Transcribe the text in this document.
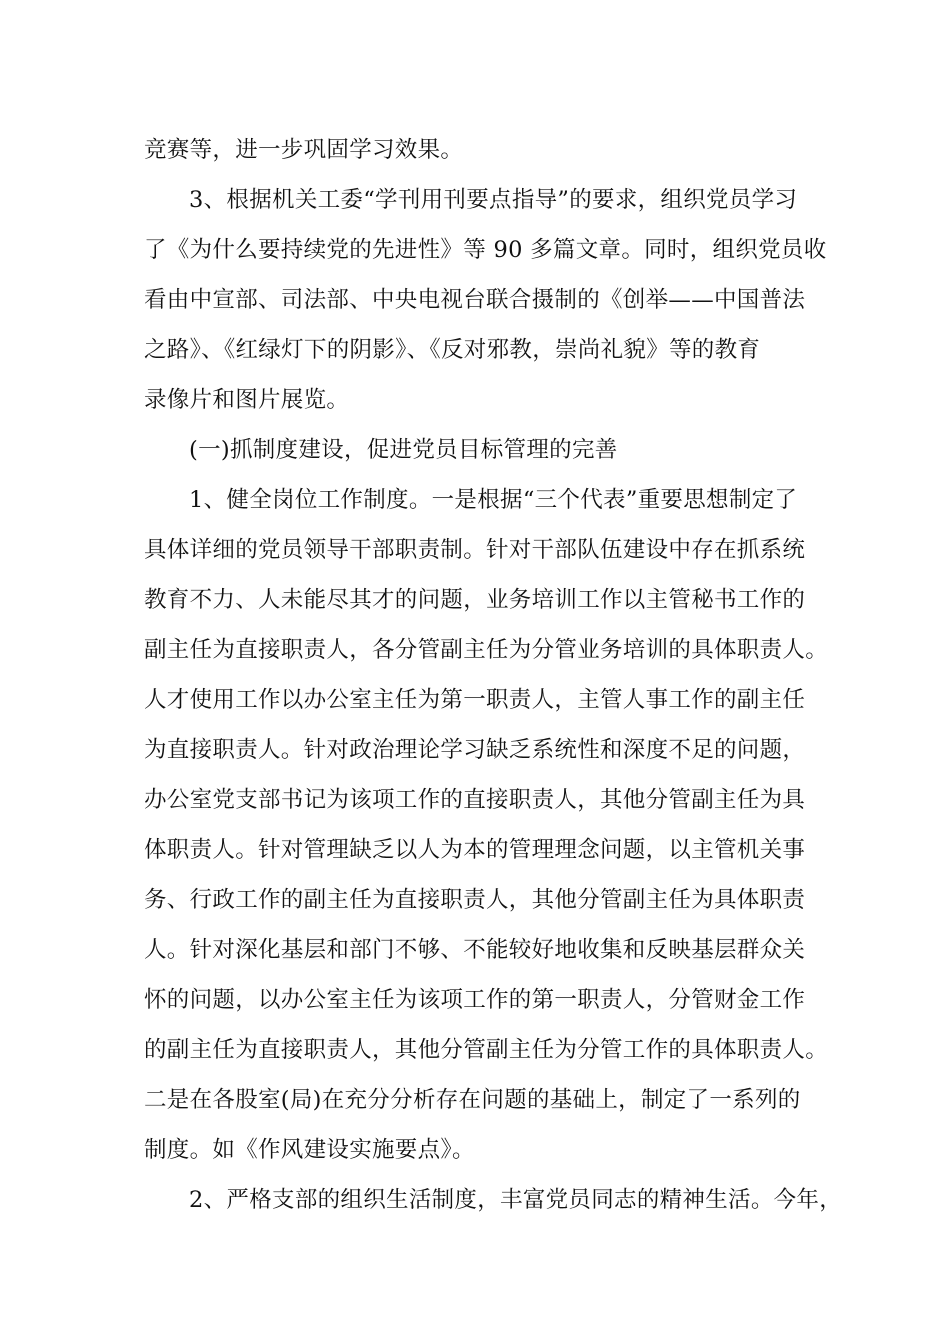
竞赛等，进一步巩固学习效果。
3、根据机关工委“学刊用刊要点指导”的要求，组织党员学习
了《为什么要持续党的先进性》等 90 多篇文章。同时，组织党员收
看由中宣部、司法部、中央电视台联合摄制的《创举——中国普法
之路》、《红绿灯下的阴影》、《反对邪教，崇尚礼貌》等的教育
录像片和图片展览。
(一)抓制度建设，促进党员目标管理的完善
1、健全岗位工作制度。一是根据“三个代表”重要思想制定了
具体详细的党员领导干部职责制。针对干部队伍建设中存在抓系统
教育不力、人未能尽其才的问题，业务培训工作以主管秘书工作的
副主任为直接职责人，各分管副主任为分管业务培训的具体职责人。
人才使用工作以办公室主任为第一职责人，主管人事工作的副主任
为直接职责人。针对政治理论学习缺乏系统性和深度不足的问题，
办公室党支部书记为该项工作的直接职责人，其他分管副主任为具
体职责人。针对管理缺乏以人为本的管理理念问题，以主管机关事
务、行政工作的副主任为直接职责人，其他分管副主任为具体职责
人。针对深化基层和部门不够、不能较好地收集和反映基层群众关
怀的问题，以办公室主任为该项工作的第一职责人，分管财金工作
的副主任为直接职责人，其他分管副主任为分管工作的具体职责人。
二是在各股室(局)在充分分析存在问题的基础上，制定了一系列的
制度。如《作风建设实施要点》。
2、严格支部的组织生活制度，丰富党员同志的精神生活。今年，
